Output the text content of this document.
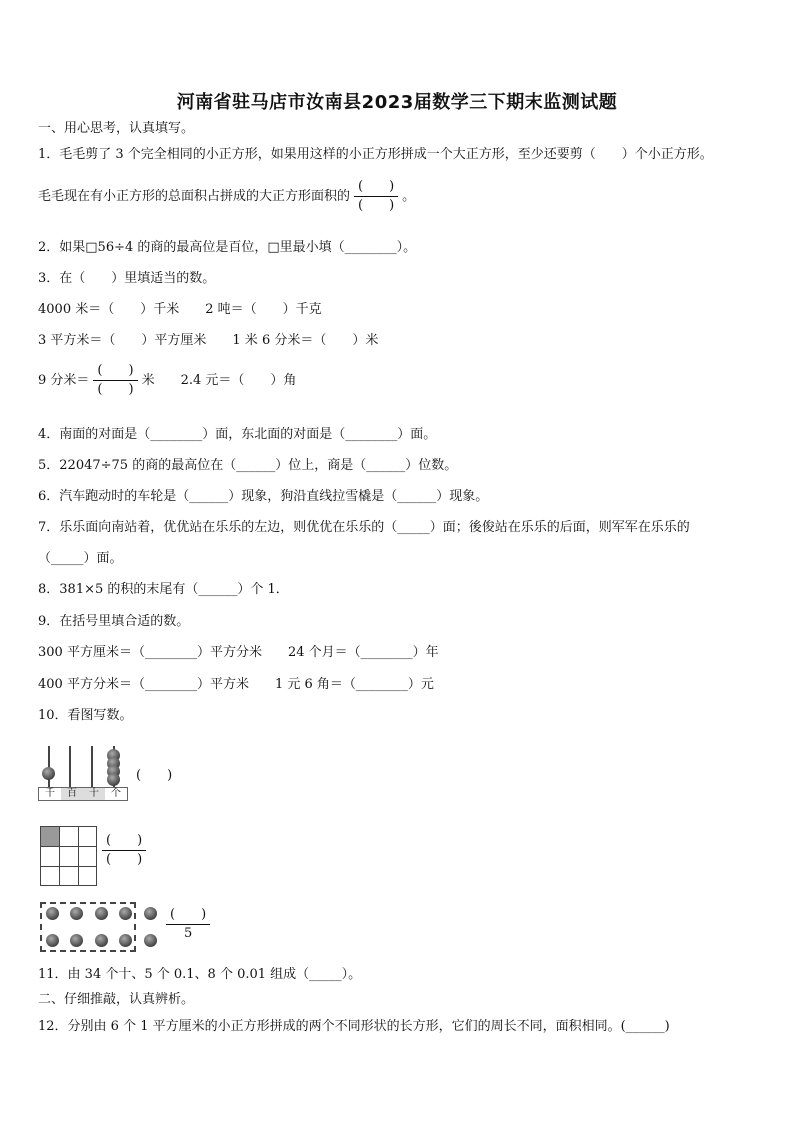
河南省驻马店市汝南县2023届数学三下期末监测试题
一、用心思考，认真填写。
1．毛毛剪了 3 个完全相同的小正方形，如果用这样的小正方形拼成一个大正方形，至少还要剪（　　）个小正方形。
毛毛现在有小正方形的总面积占拼成的大正方形面积的 $\frac{( )}{( )}$ 。
2．如果□56÷4 的商的最高位是百位，□里最小填（________）。
3．在（　　）里填适当的数。
4000 米＝（　　）千米　　2 吨＝（　　）千克
3 平方米＝（　　）平方厘米　　1 米 6 分米＝（　　）米
9 分米＝ $\frac{( )}{( )}$ 米　　2.4 元＝（　　）角
4．南面的对面是（________）面，东北面的对面是（________）面。
5．22047÷75 的商的最高位在（______）位上，商是（______）位数。
6．汽车跑动时的车轮是（______）现象，狗沿直线拉雪橇是（______）现象。
7．乐乐面向南站着，优优站在乐乐的左边，则优优在乐乐的（_____）面；後俊站在乐乐的后面，则军军在乐乐的
（_____）面。
8．381×5 的积的末尾有（______）个 1．
9．在括号里填合适的数。
300 平方厘米＝（________）平方分米　　24 个月＝（________）年
400 平方分米＝（________）平方米　　1 元 6 角＝（________）元
10．看图写数。
千	百	十	个
(　　)
$\frac{( )}{( )}$
$\frac{( )}{5}$
11．由 34 个十、5 个 0.1、8 个 0.01 组成（_____）。
二、仔细推敲，认真辨析。
12．分别由 6 个 1 平方厘米的小正方形拼成的两个不同形状的长方形，它们的周长不同，面积相同。(______)
